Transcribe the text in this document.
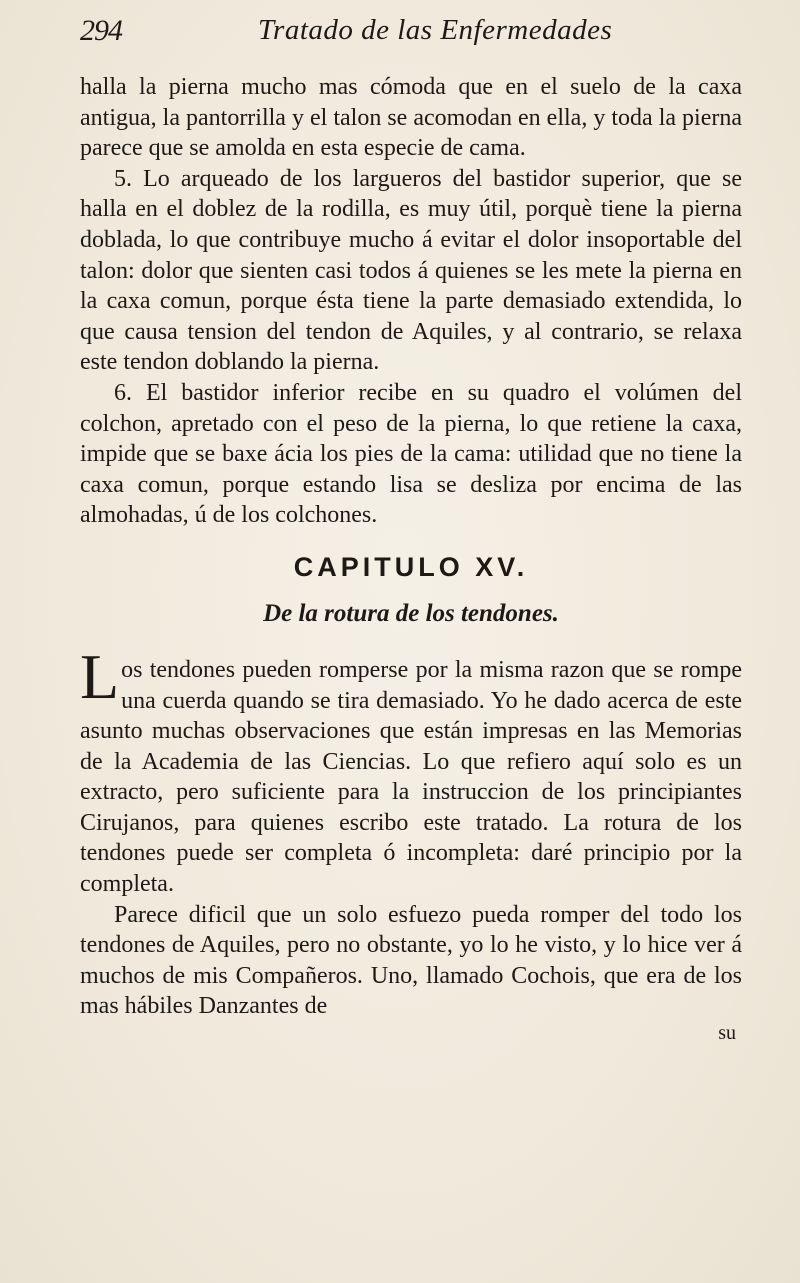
294	Tratado de las Enfermedades

halla la pierna mucho mas cómoda que en el suelo de la caxa antigua, la pantorrilla y el talon se acomodan en ella, y toda la pierna parece que se amolda en esta especie de cama.

5. Lo arqueado de los largueros del bastidor superior, que se halla en el doblez de la rodilla, es muy útil, porquè tiene la pierna doblada, lo que contribuye mucho á evitar el dolor insoportable del talon: dolor que sienten casi todos á quienes se les mete la pierna en la caxa comun, porque ésta tiene la parte demasiado extendida, lo que causa tension del tendon de Aquiles, y al contrario, se relaxa este tendon doblando la pierna.

6. El bastidor inferior recibe en su quadro el volúmen del colchon, apretado con el peso de la pierna, lo que retiene la caxa, impide que se baxe ácia los pies de la cama: utilidad que no tiene la caxa comun, porque estando lisa se desliza por encima de las almohadas, ú de los colchones.

CAPITULO XV.
De la rotura de los tendones.

Los tendones pueden romperse por la misma razon que se rompe una cuerda quando se tira demasiado. Yo he dado acerca de este asunto muchas observaciones que están impresas en las Memorias de la Academia de las Ciencias. Lo que refiero aquí solo es un extracto, pero suficiente para la instruccion de los principiantes Cirujanos, para quienes escribo este tratado. La rotura de los tendones puede ser completa ó incompleta: daré principio por la completa.

Parece dificil que un solo esfuezo pueda romper del todo los tendones de Aquiles, pero no obstante, yo lo he visto, y lo hice ver á muchos de mis Compañeros. Uno, llamado Cochois, que era de los mas hábiles Danzantes de

su
